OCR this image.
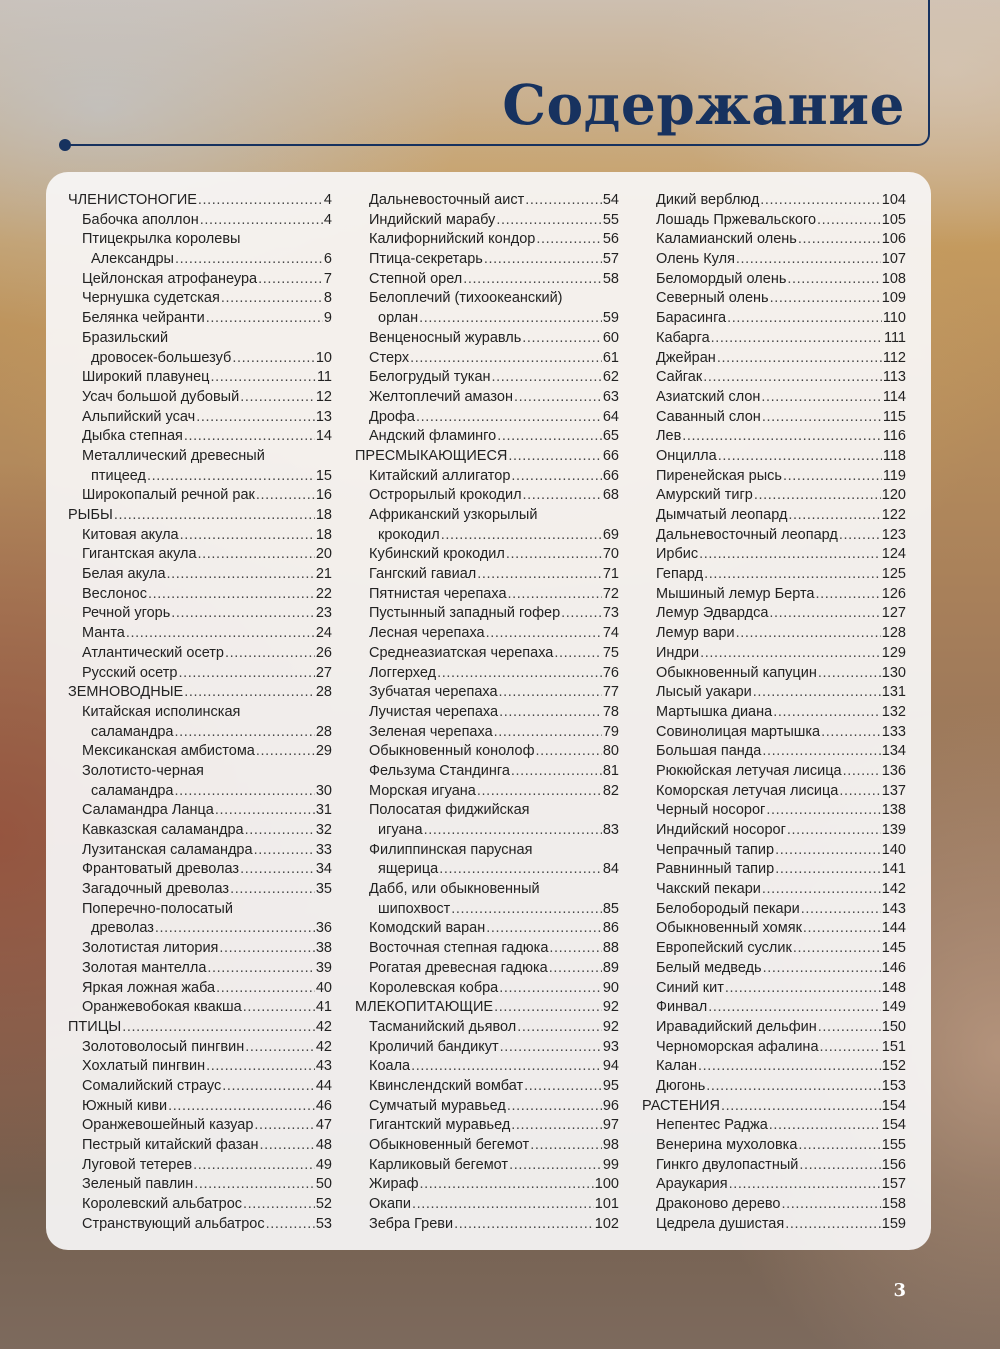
Содержание
ЧЛЕНИСТОНОГИЕ .....	4
Бабочка аполлон .....	4
Птицекрылка королевы
Александры .....	6
Цейлонская атрофанеура .....	7
Чернушка судетская .....	8
Белянка чейранти .....	9
Бразильский
дровосек-большезуб .....	10
Широкий плавунец .....	11
Усач большой дубовый .....	12
Альпийский усач .....	13
Дыбка степная .....	14
Металлический древесный
птицеед .....	15
Широкопалый речной рак .....	16
РЫБЫ .....	18
Китовая акула .....	18
Гигантская акула .....	20
Белая акула .....	21
Веслонос .....	22
Речной угорь .....	23
Манта .....	24
Атлантический осетр .....	26
Русский осетр .....	27
ЗЕМНОВОДНЫЕ .....	28
Китайская исполинская
саламандра .....	28
Мексиканская амбистома .....	29
Золотисто-черная
саламандра .....	30
Саламандра Ланца .....	31
Кавказская саламандра .....	32
Лузитанская саламандра .....	33
Франтоватый древолаз .....	34
Загадочный древолаз .....	35
Поперечно-полосатый
древолаз .....	36
Золотистая литория .....	38
Золотая мантелла .....	39
Яркая ложная жаба .....	40
Оранжевобокая квакша .....	41
ПТИЦЫ .....	42
Золотоволосый пингвин .....	42
Хохлатый пингвин .....	43
Сомалийский страус .....	44
Южный киви .....	46
Оранжевошейный казуар .....	47
Пестрый китайский фазан .....	48
Луговой тетерев .....	49
Зеленый павлин .....	50
Королевский альбатрос .....	52
Странствующий альбатрос .....	53
Дальневосточный аист .....	54
Индийский марабу .....	55
Калифорнийский кондор .....	56
Птица-секретарь .....	57
Степной орел .....	58
Белоплечий (тихоокеанский)
орлан .....	59
Венценосный журавль .....	60
Стерх .....	61
Белогрудый тукан .....	62
Желтоплечий амазон .....	63
Дрофа .....	64
Андский фламинго .....	65
ПРЕСМЫКАЮЩИЕСЯ .....	66
Китайский аллигатор .....	66
Острорылый крокодил .....	68
Африканский узкорылый
крокодил .....	69
Кубинский крокодил .....	70
Гангский гавиал .....	71
Пятнистая черепаха .....	72
Пустынный западный гофер .....	73
Лесная черепаха .....	74
Среднеазиатская черепаха .....	75
Логгерхед .....	76
Зубчатая черепаха .....	77
Лучистая черепаха .....	78
Зеленая черепаха .....	79
Обыкновенный конолоф .....	80
Фельзума Стандинга .....	81
Морская игуана .....	82
Полосатая фиджийская
игуана .....	83
Филиппинская парусная
ящерица .....	84
Дабб, или обыкновенный
шипохвост .....	85
Комодский варан .....	86
Восточная степная гадюка .....	88
Рогатая древесная гадюка .....	89
Королевская кобра .....	90
МЛЕКОПИТАЮЩИЕ .....	92
Тасманийский дьявол .....	92
Кроличий бандикут .....	93
Коала .....	94
Квинслендский вомбат .....	95
Сумчатый муравьед .....	96
Гигантский муравьед .....	97
Обыкновенный бегемот .....	98
Карликовый бегемот .....	99
Жираф .....	100
Окапи .....	101
Зебра Греви .....	102
Дикий верблюд .....	104
Лошадь Пржевальского .....	105
Каламианский олень .....	106
Олень Куля .....	107
Беломордый олень .....	108
Северный олень .....	109
Барасинга .....	110
Кабарга .....	111
Джейран .....	112
Сайгак .....	113
Азиатский слон .....	114
Саванный слон .....	115
Лев .....	116
Онцилла .....	118
Пиренейская рысь .....	119
Амурский тигр .....	120
Дымчатый леопард .....	122
Дальневосточный леопард .....	123
Ирбис .....	124
Гепард .....	125
Мышиный лемур Берта .....	126
Лемур Эдвардса .....	127
Лемур вари .....	128
Индри .....	129
Обыкновенный капуцин .....	130
Лысый уакари .....	131
Мартышка диана .....	132
Совинолицая мартышка .....	133
Большая панда .....	134
Рюкюйская летучая лисица .....	136
Коморская летучая лисица .....	137
Черный носорог .....	138
Индийский носорог .....	139
Чепрачный тапир .....	140
Равнинный тапир .....	141
Чакский пекари .....	142
Белобородый пекари .....	143
Обыкновенный хомяк .....	144
Европейский суслик .....	145
Белый медведь .....	146
Синий кит .....	148
Финвал .....	149
Иравадийский дельфин .....	150
Черноморская афалина .....	151
Калан .....	152
Дюгонь .....	153
РАСТЕНИЯ .....	154
Непентес Раджа .....	154
Венерина мухоловка .....	155
Гинкго двулопастный .....	156
Араукария .....	157
Драконово дерево .....	158
Цедрела душистая .....	159
3
